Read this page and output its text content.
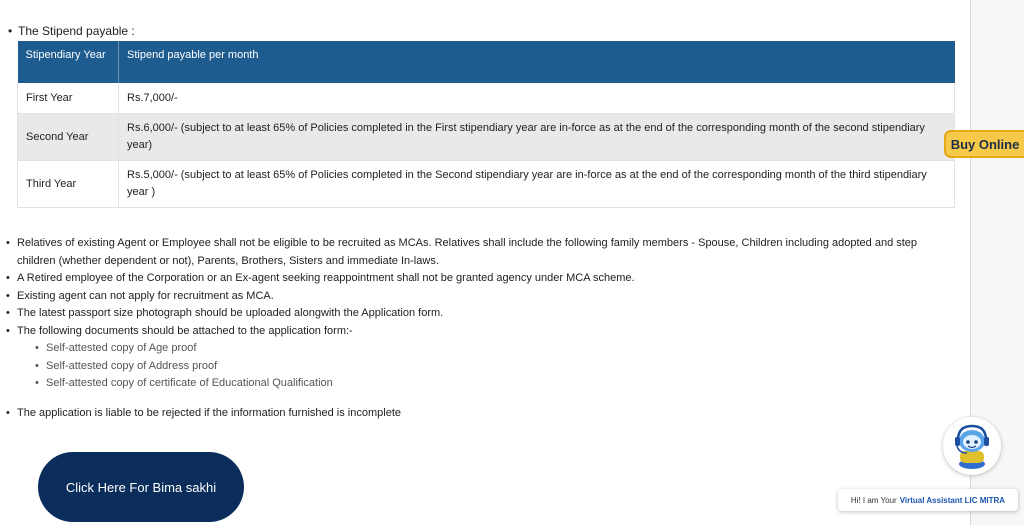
• The Stipend payable :
Stipendiary Year	Stipend payable per month
First Year	Rs.7,000/-
Second Year	Rs.6,000/- (subject to at least 65% of Policies completed in the First stipendiary year are in-force as at the end of the corresponding month of the second stipendiary year)
Third Year	Rs.5,000/- (subject to at least 65% of Policies completed in the Second stipendiary year are in-force as at the end of the corresponding month of the third stipendiary year )
• Relatives of existing Agent or Employee shall not be eligible to be recruited as MCAs. Relatives shall include the following family members - Spouse, Children including adopted and step children (whether dependent or not), Parents, Brothers, Sisters and immediate In-laws.
• A Retired employee of the Corporation or an Ex-agent seeking reappointment shall not be granted agency under MCA scheme.
• Existing agent can not apply for recruitment as MCA.
• The latest passport size photograph should be uploaded alongwith the Application form.
• The following documents should be attached to the application form:-
• Self-attested copy of Age proof
• Self-attested copy of Address proof
• Self-attested copy of certificate of Educational Qualification
• The application is liable to be rejected if the information furnished is incomplete
Click Here For Bima sakhi
Buy Online
Hi! I am Your Virtual Assistant LIC MITRA
